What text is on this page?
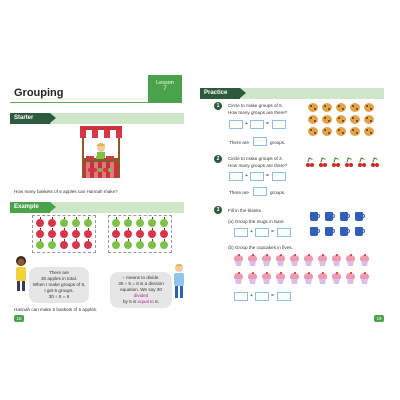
Grouping
Lesson
7
Starter
How many baskets of 5 apples can Hannah make?
Example
There are
30 apples in total.
When I make groups of 5,
I get 6 groups.
30 ÷ 5 = 6
÷ means to divide.
30 ÷ 5 = 6 is a division
equation. We say 30 divided
by 5 is equal to 6.
Hannah can make 6 baskets of 5 apples.
18
Practice
1	Circle to make groups of 5.
How many groups are there?
+	=
There are	groups.
2	Circle to make groups of 2.
How many groups are there?
+	=
There are	groups.
3	Fill in the blanks.
(a) Group the mugs in twos.
+	=
(b) Group the cupcakes in fives.
+	=
19
